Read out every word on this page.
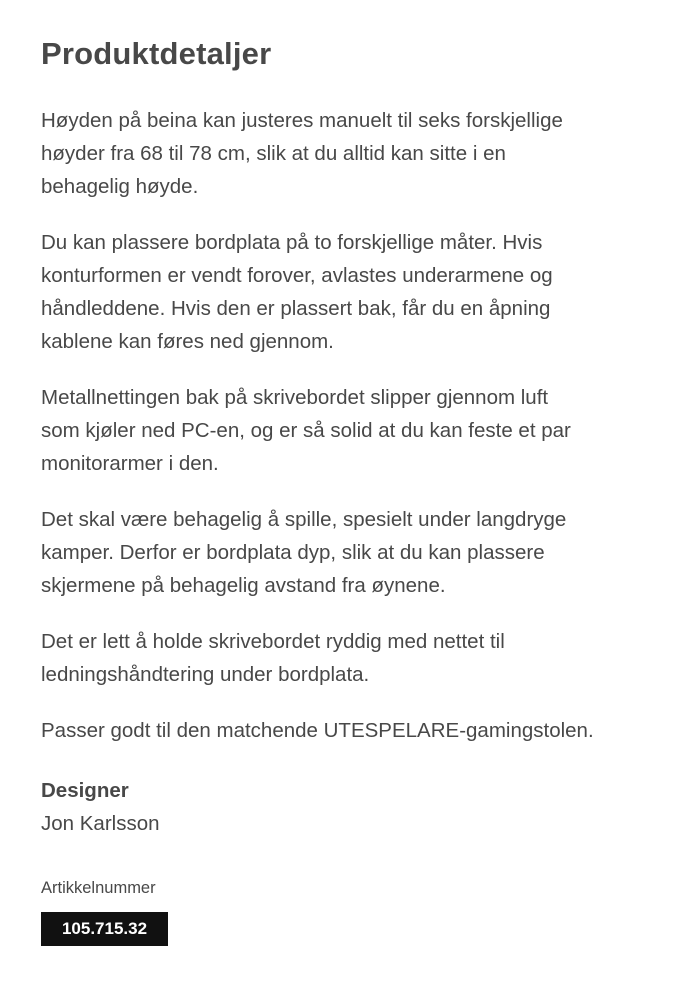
Produktdetaljer

Høyden på beina kan justeres manuelt til seks forskjellige
høyder fra 68 til 78 cm, slik at du alltid kan sitte i en
behagelig høyde.

Du kan plassere bordplata på to forskjellige måter. Hvis
konturformen er vendt forover, avlastes underarmene og
håndleddene. Hvis den er plassert bak, får du en åpning
kablene kan føres ned gjennom.

Metallnettingen bak på skrivebordet slipper gjennom luft
som kjøler ned PC-en, og er så solid at du kan feste et par
monitorarmer i den.

Det skal være behagelig å spille, spesielt under langdryge
kamper. Derfor er bordplata dyp, slik at du kan plassere
skjermene på behagelig avstand fra øynene.

Det er lett å holde skrivebordet ryddig med nettet til
ledningshåndtering under bordplata.

Passer godt til den matchende UTESPELARE-gamingstolen.

Designer
Jon Karlsson
Artikkelnummer
105.715.32
